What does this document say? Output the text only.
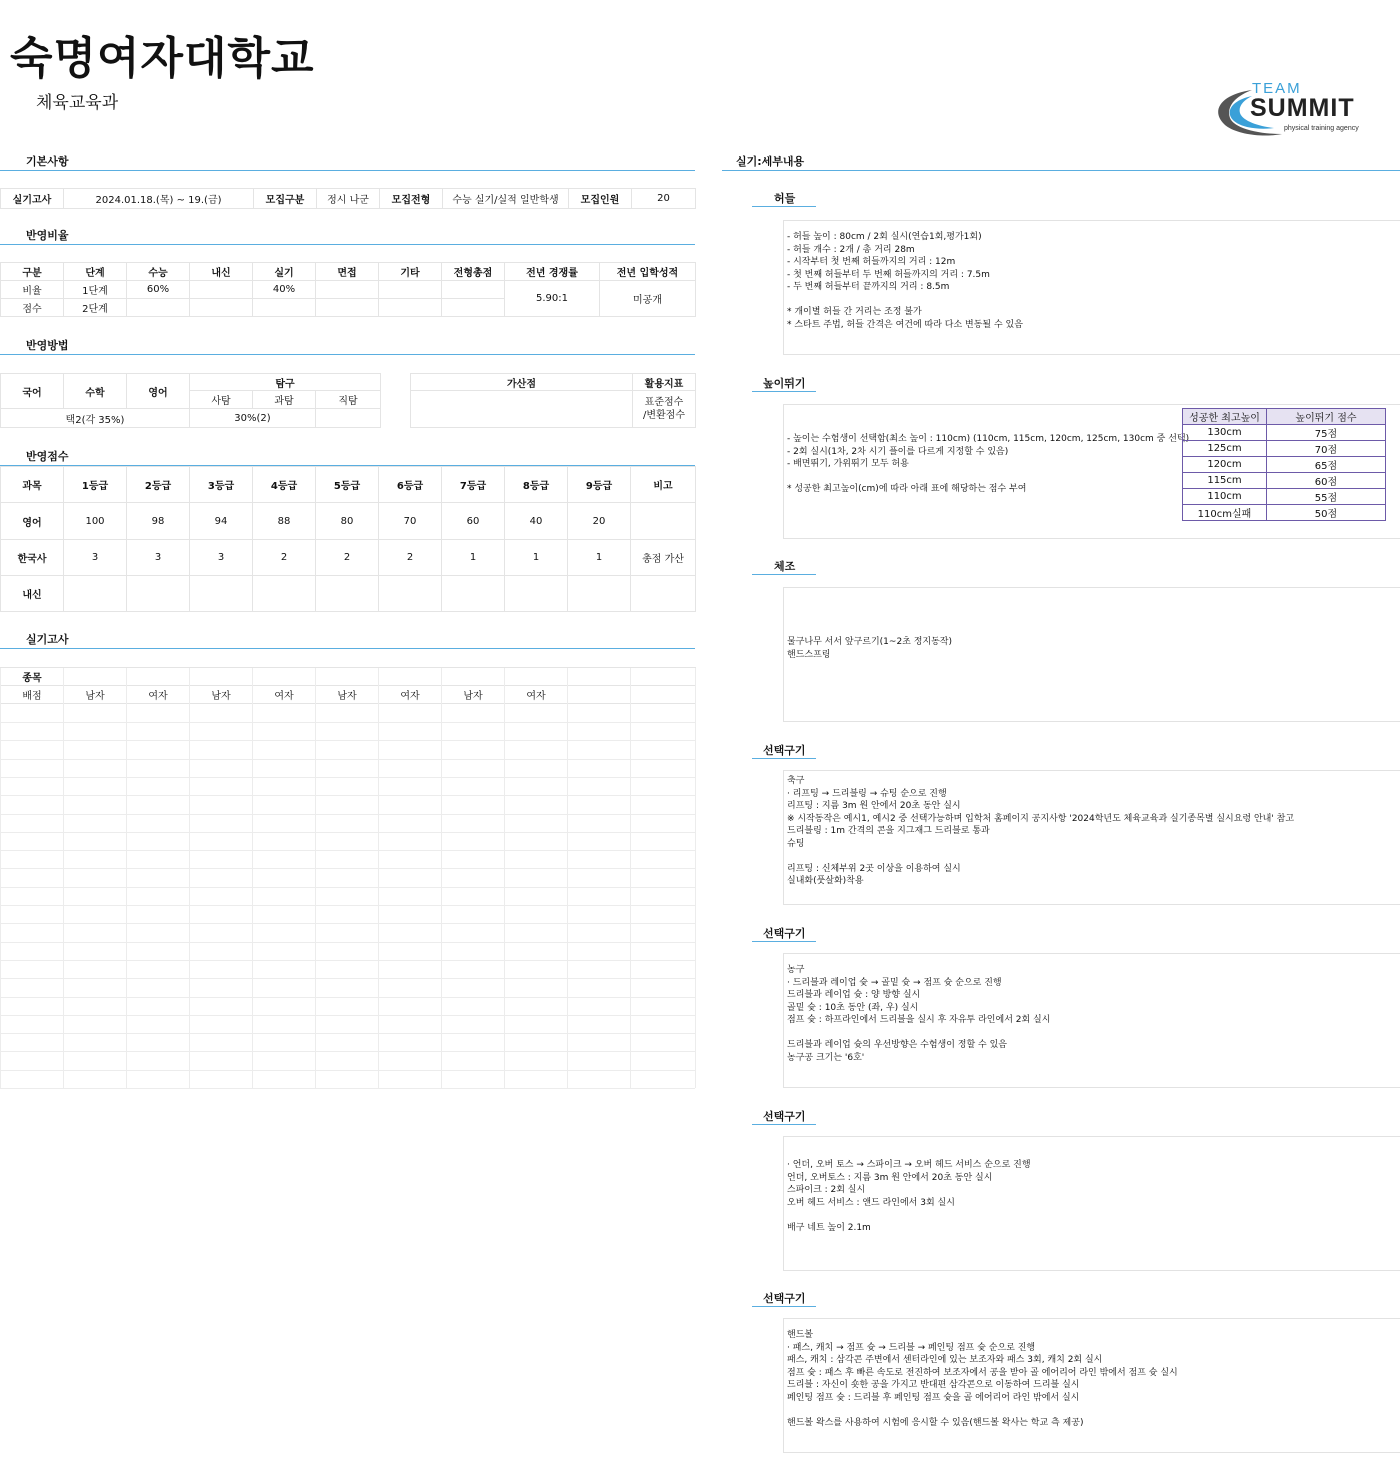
숙명여자대학교
체육교육과
TEAM
SUMMIT
physical training agency
기본사항
실기고사	2024.01.18.(목) ~ 19.(금)	모집구분	정시 나군	모집전형	수능 실기/실적 일반학생	모집인원	20
반영비율
구분	단계	수능	내신	실기	면접	기타	전형총점	전년 경쟁률	전년 입학성적
비율	1단계	60%		40%				5.90:1	미공개
점수	2단계								
반영방법
국어	수학	영어	탐구		
			사탐	과탐	직탐
택2(각 35%)			30%(2)		
가산점	활용지표
	표준점수
/변환점수
반영점수
과목	1등급	2등급	3등급	4등급	5등급	6등급	7등급	8등급	9등급	비고
영어	100	98	94	88	80	70	60	40	20	
한국사	3	3	3	2	2	2	1	1	1	총점 가산
내신										
실기고사
종목										
배점	남자	여자	남자	여자	남자	여자	남자	여자		
실기:세부내용
허들
- 허들 높이 : 80cm / 2회 실시(연습1회,평가1회)
- 허들 개수 : 2개 / 총 거리 28m
- 시작부터 첫 번째 허들까지의 거리 : 12m
- 첫 번째 허들부터 두 번째 허들까지의 거리 : 7.5m
- 두 번째 허들부터 끝까지의 거리 : 8.5m

* 개이별 허들 간 거리는 조정 불가
* 스타트 주법, 허들 간격은 여건에 따라 다소 변동될 수 있음
높이뛰기
- 높이는 수험생이 선택함(최소 높이 : 110cm) (110cm, 115cm, 120cm, 125cm, 130cm 중 선택)
- 2회 실시(1차, 2차 시기 플이를 다르게 지정할 수 있음)
- 배면뛰기, 가위뛰기 모두 허용

* 성공한 최고높이(cm)에 따라 아래 표에 해당하는 점수 부여
성공한 최고높이	높이뛰기 점수
130cm	75점
125cm	70점
120cm	65점
115cm	60점
110cm	55점
110cm실패	50점
체조
물구나무 서서 앞구르기(1~2초 정지동작)
핸드스프링
선택구기
축구
· 리프팅 → 드리블링 → 슈팅 순으로 진행
리프팅 : 지름 3m 원 안에서 20초 동안 실시
※ 시작동작은 예시1, 예시2 중 선택가능하며 입학처 홈페이지 공지사항 '2024학년도 체육교육과 실기종목별 실시요령 안내' 참고
드리블링 : 1m 간격의 콘을 지그재그 드리블로 통과
슈팅

리프팅 : 신체부위 2곳 이상을 이용하여 실시
실내화(풋살화)착용
선택구기
농구
· 드리블과 레이업 슛 → 골밑 슛 → 점프 슛 순으로 진행
드리블과 레이업 슛 : 양 방향 실시
골밑 슛 : 10초 동안 (좌, 우) 실시
점프 슛 : 하프라인에서 드리블을 실시 후 자유투 라인에서 2회 실시

드리블과 레이업 슛의 우선방향은 수험생이 정할 수 있음
농구공 크기는 '6호'
선택구기
· 언더, 오버 토스 → 스파이크 → 오버 헤드 서비스 순으로 진행
언더, 오버토스 : 지름 3m 원 안에서 20초 동안 실시
스파이크 : 2회 실시
오버 헤드 서비스 : 앤드 라인에서 3회 실시

배구 네트 높이 2.1m
선택구기
핸드볼
· 패스, 캐치 → 점프 슛 → 드리블 → 페인팅 점프 슛 순으로 진행
패스, 캐치 : 삼각콘 주변에서 센터라인에 있는 보조자와 패스 3회, 캐치 2회 실시
점프 슛 : 패스 후 빠른 속도로 전진하여 보조자에서 공을 받아 골 에어리어 라인 밖에서 점프 슛 실시
드리블 : 자신이 숏한 공을 가지고 반대편 삼각콘으로 이동하여 드리블 실시
페인팅 점프 슛 : 드리블 후 페인팅 점프 슛을 골 에어리어 라인 밖에서 실시

핸드볼 왁스를 사용하여 시험에 응시할 수 있음(핸드볼 왁사는 학교 측 제공)
